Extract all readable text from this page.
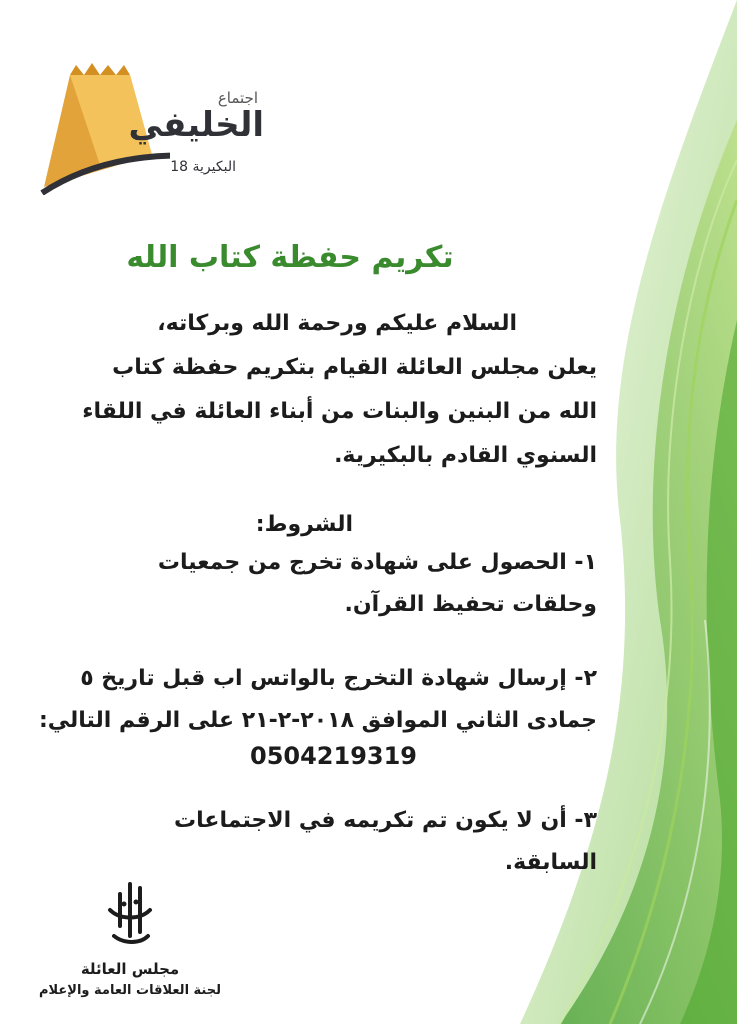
اجتماع
الخليفي
البكيرية 18
تكريم حفظة كتاب الله
السلام عليكم ورحمة الله وبركاته،
يعلن مجلس العائلة القيام بتكريم حفظة كتاب الله من البنين والبنات من أبناء العائلة في اللقاء السنوي القادم بالبكيرية.
الشروط:
١- الحصول على شهادة تخرج من جمعيات وحلقات تحفيظ القرآن.
٢- إرسال شهادة التخرج بالواتس اب قبل تاريخ ٥ جمادى الثاني الموافق ٢٠١٨-٢-٢١ على الرقم التالي:
0504219319
٣- أن لا يكون تم تكريمه في الاجتماعات السابقة.
مجلس العائلة
لجنة العلاقات العامة والإعلام
